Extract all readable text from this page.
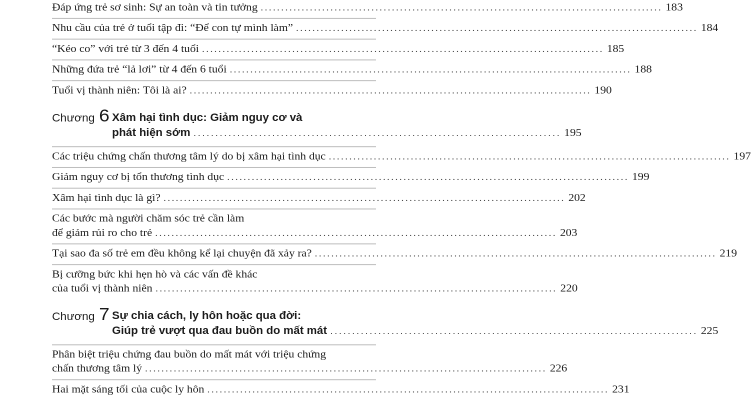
Đáp ứng trẻ sơ sinh: Sự an toàn và tin tưởng .................................................................................................. 183
Nhu cầu của trẻ ở tuổi tập đi: “Để con tự mình làm” .................................................................................................. 184
“Kéo co” với trẻ từ 3 đến 4 tuổi .................................................................................................. 185
Những đứa trẻ “lả lơi” từ 4 đến 6 tuổi .................................................................................................. 188
Tuổi vị thành niên: Tôi là ai? .................................................................................................. 190
Chương 6 Xâm hại tình dục: Giảm nguy cơ và
phát hiện sớm .................................................................................... 195
Các triệu chứng chấn thương tâm lý do bị xâm hại tình dục .................................................................................................. 197
Giảm nguy cơ bị tổn thương tình dục .................................................................................................. 199
Xâm hại tình dục là gì? .................................................................................................. 202
Các bước mà người chăm sóc trẻ cần làm
để giảm rủi ro cho trẻ .................................................................................................. 203
Tại sao đa số trẻ em đều không kể lại chuyện đã xảy ra? .................................................................................................. 219
Bị cưỡng bức khi hẹn hò và các vấn đề khác
của tuổi vị thành niên .................................................................................................. 220
Chương 7 Sự chia cách, ly hôn hoặc qua đời:
Giúp trẻ vượt qua đau buồn do mất mát .................................................................................... 225
Phân biệt triệu chứng đau buồn do mất mát với triệu chứng
chấn thương tâm lý .................................................................................................. 226
Hai mặt sáng tối của cuộc ly hôn .................................................................................................. 231
